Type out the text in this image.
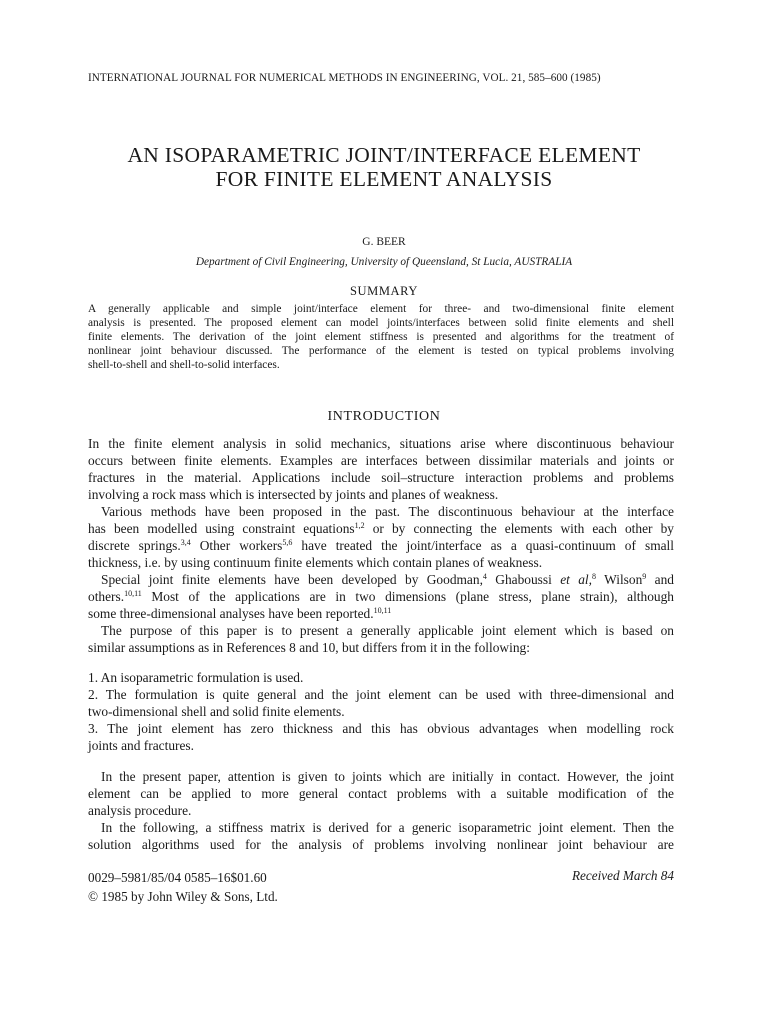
INTERNATIONAL JOURNAL FOR NUMERICAL METHODS IN ENGINEERING, VOL. 21, 585–600 (1985)
AN ISOPARAMETRIC JOINT/INTERFACE ELEMENT
FOR FINITE ELEMENT ANALYSIS
G. BEER
Department of Civil Engineering, University of Queensland, St Lucia, AUSTRALIA
SUMMARY
A generally applicable and simple joint/interface element for three- and two-dimensional finite element
analysis is presented. The proposed element can model joints/interfaces between solid finite elements and shell
finite elements. The derivation of the joint element stiffness is presented and algorithms for the treatment of
nonlinear joint behaviour discussed. The performance of the element is tested on typical problems involving
shell-to-shell and shell-to-solid interfaces.
INTRODUCTION
In the finite element analysis in solid mechanics, situations arise where discontinuous behaviour
occurs between finite elements. Examples are interfaces between dissimilar materials and joints or
fractures in the material. Applications include soil–structure interaction problems and problems
involving a rock mass which is intersected by joints and planes of weakness.
Various methods have been proposed in the past. The discontinuous behaviour at the interface
has been modelled using constraint equations$^{1,2}$ or by connecting the elements with each other by
discrete springs.$^{3,4}$ Other workers$^{5,6}$ have treated the joint/interface as a quasi-continuum of small
thickness, i.e. by using continuum finite elements which contain planes of weakness.
Special joint finite elements have been developed by Goodman,$^4$ Ghaboussi et al,$^8$ Wilson$^9$ and
others.$^{10,11}$ Most of the applications are in two dimensions (plane stress, plane strain), although
some three-dimensional analyses have been reported.$^{10,11}$
The purpose of this paper is to present a generally applicable joint element which is based on
similar assumptions as in References 8 and 10, but differs from it in the following:
1. An isoparametric formulation is used.
2. The formulation is quite general and the joint element can be used with three-dimensional and
two-dimensional shell and solid finite elements.
3. The joint element has zero thickness and this has obvious advantages when modelling rock
joints and fractures.
In the present paper, attention is given to joints which are initially in contact. However, the joint
element can be applied to more general contact problems with a suitable modification of the
analysis procedure.
In the following, a stiffness matrix is derived for a generic isoparametric joint element. Then the
solution algorithms used for the analysis of problems involving nonlinear joint behaviour are
0029–5981/85/04 0585–16$01.60
© 1985 by John Wiley & Sons, Ltd.
Received March 84
